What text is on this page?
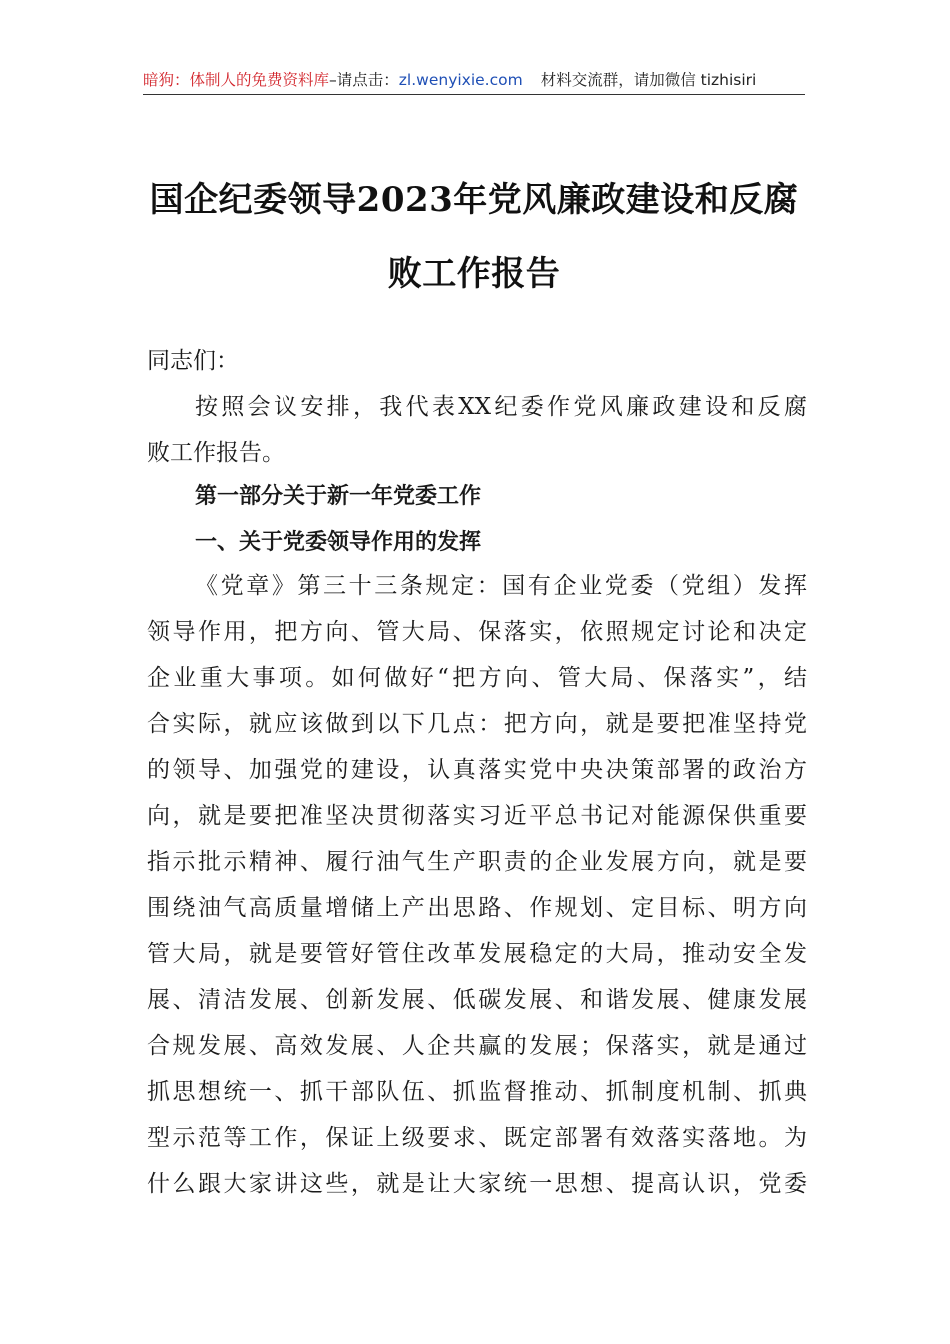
暗狗：体制人的免费资料库–请点击：zl.wenyixie.com 材料交流群，请加微信 tizhisiri
国企纪委领导2023年党风廉政建设和反腐
败工作报告
同志们：
按照会议安排，我代表XX纪委作党风廉政建设和反腐
败工作报告。
第一部分关于新一年党委工作
一、关于党委领导作用的发挥
《党章》第三十三条规定：国有企业党委（党组）发挥
领导作用，把方向、管大局、保落实，依照规定讨论和决定
企业重大事项。如何做好“把方向、管大局、保落实”，结
合实际，就应该做到以下几点：把方向，就是要把准坚持党
的领导、加强党的建设，认真落实党中央决策部署的政治方
向，就是要把准坚决贯彻落实习近平总书记对能源保供重要
指示批示精神、履行油气生产职责的企业发展方向，就是要
围绕油气高质量增储上产出思路、作规划、定目标、明方向
管大局，就是要管好管住改革发展稳定的大局，推动安全发
展、清洁发展、创新发展、低碳发展、和谐发展、健康发展
合规发展、高效发展、人企共赢的发展；保落实，就是通过
抓思想统一、抓干部队伍、抓监督推动、抓制度机制、抓典
型示范等工作，保证上级要求、既定部署有效落实落地。为
什么跟大家讲这些，就是让大家统一思想、提高认识，党委
